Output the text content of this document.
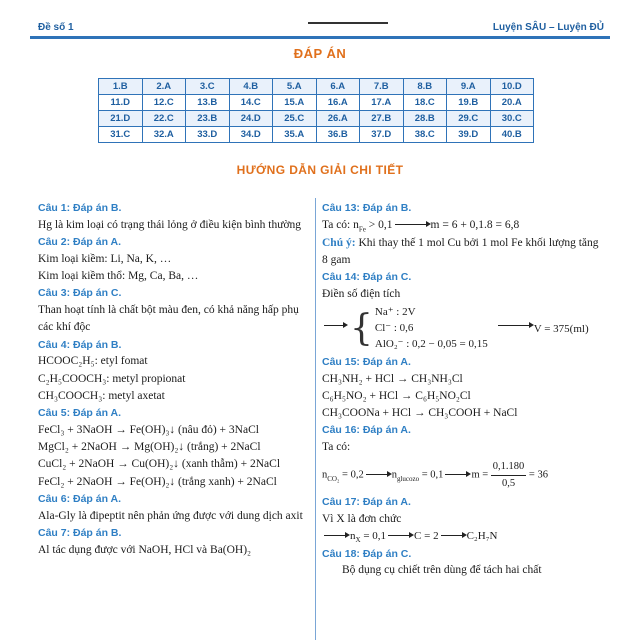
Đề số 1	Luyện SÂU – Luyện ĐỦ
ĐÁP ÁN
1.B	2.A	3.C	4.B	5.A	6.A	7.B	8.B	9.A	10.D
11.D	12.C	13.B	14.C	15.A	16.A	17.A	18.C	19.B	20.A
21.D	22.C	23.B	24.D	25.C	26.A	27.B	28.B	29.C	30.C
31.C	32.A	33.D	34.D	35.A	36.B	37.D	38.C	39.D	40.B
HƯỚNG DẪN GIẢI CHI TIẾT
Câu 1: Đáp án B.

Hg là kim loại có trạng thái lỏng ở điều kiện bình thường

Câu 2: Đáp án A.

Kim loại kiềm: Li, Na, K, …

Kim loại kiềm thổ: Mg, Ca, Ba, …

Câu 3: Đáp án C.

Than hoạt tính là chất bột màu đen, có khả năng hấp phụ các khí độc

Câu 4: Đáp án B.

HCOOC₂H₅: etyl fomat

C₂H₅COOCH₃: metyl propionat

CH₃COOCH₃: metyl axetat

Câu 5: Đáp án A.

FeCl₃ + 3NaOH → Fe(OH)₃↓ (nâu đỏ) + 3NaCl

MgCl₂ + 2NaOH → Mg(OH)₂↓ (trắng) + 2NaCl

CuCl₂ + 2NaOH → Cu(OH)₂↓ (xanh thẫm) + 2NaCl

FeCl₂ + 2NaOH → Fe(OH)₂↓ (trắng xanh) + 2NaCl

Câu 6: Đáp án A.

Ala-Gly là đipeptit nên phản ứng được với dung dịch axit

Câu 7: Đáp án B.

Al tác dụng được với NaOH, HCl và Ba(OH)₂

Câu 13: Đáp án B.

Ta có: $n_{Fe} > 0,1$	m = 6 + 0,1.8 = 6,8

Chú ý: Khi thay thế 1 mol Cu bởi 1 mol Fe khối lượng tăng 8 gam

Câu 14: Đáp án C.

Điền số điện tích

{ Na⁺ : 2V
Cl⁻ : 0,6
AlO₂⁻ : 0,2 − 0,05 = 0,15
V = 375(ml)
Câu 15: Đáp án A.

CH₃NH₂ + HCl → CH₃NH₃Cl

C₆H₅NO₂ + HCl → C₆H₅NO₂Cl

CH₃COONa + HCl → CH₃COOH + NaCl

Câu 16: Đáp án A.

Ta có:

$n_{CO_2} = 0,2$	$n_{glucozo} = 0,1$	$m = \frac{0,1.180}{0,5} = 36$

Câu 17: Đáp án A.

Vì X là đơn chức

$n_X = 0,1$	C = 2	C₂H₇N

Câu 18: Đáp án C.

Bộ dụng cụ chiết trên dùng để tách hai chất
